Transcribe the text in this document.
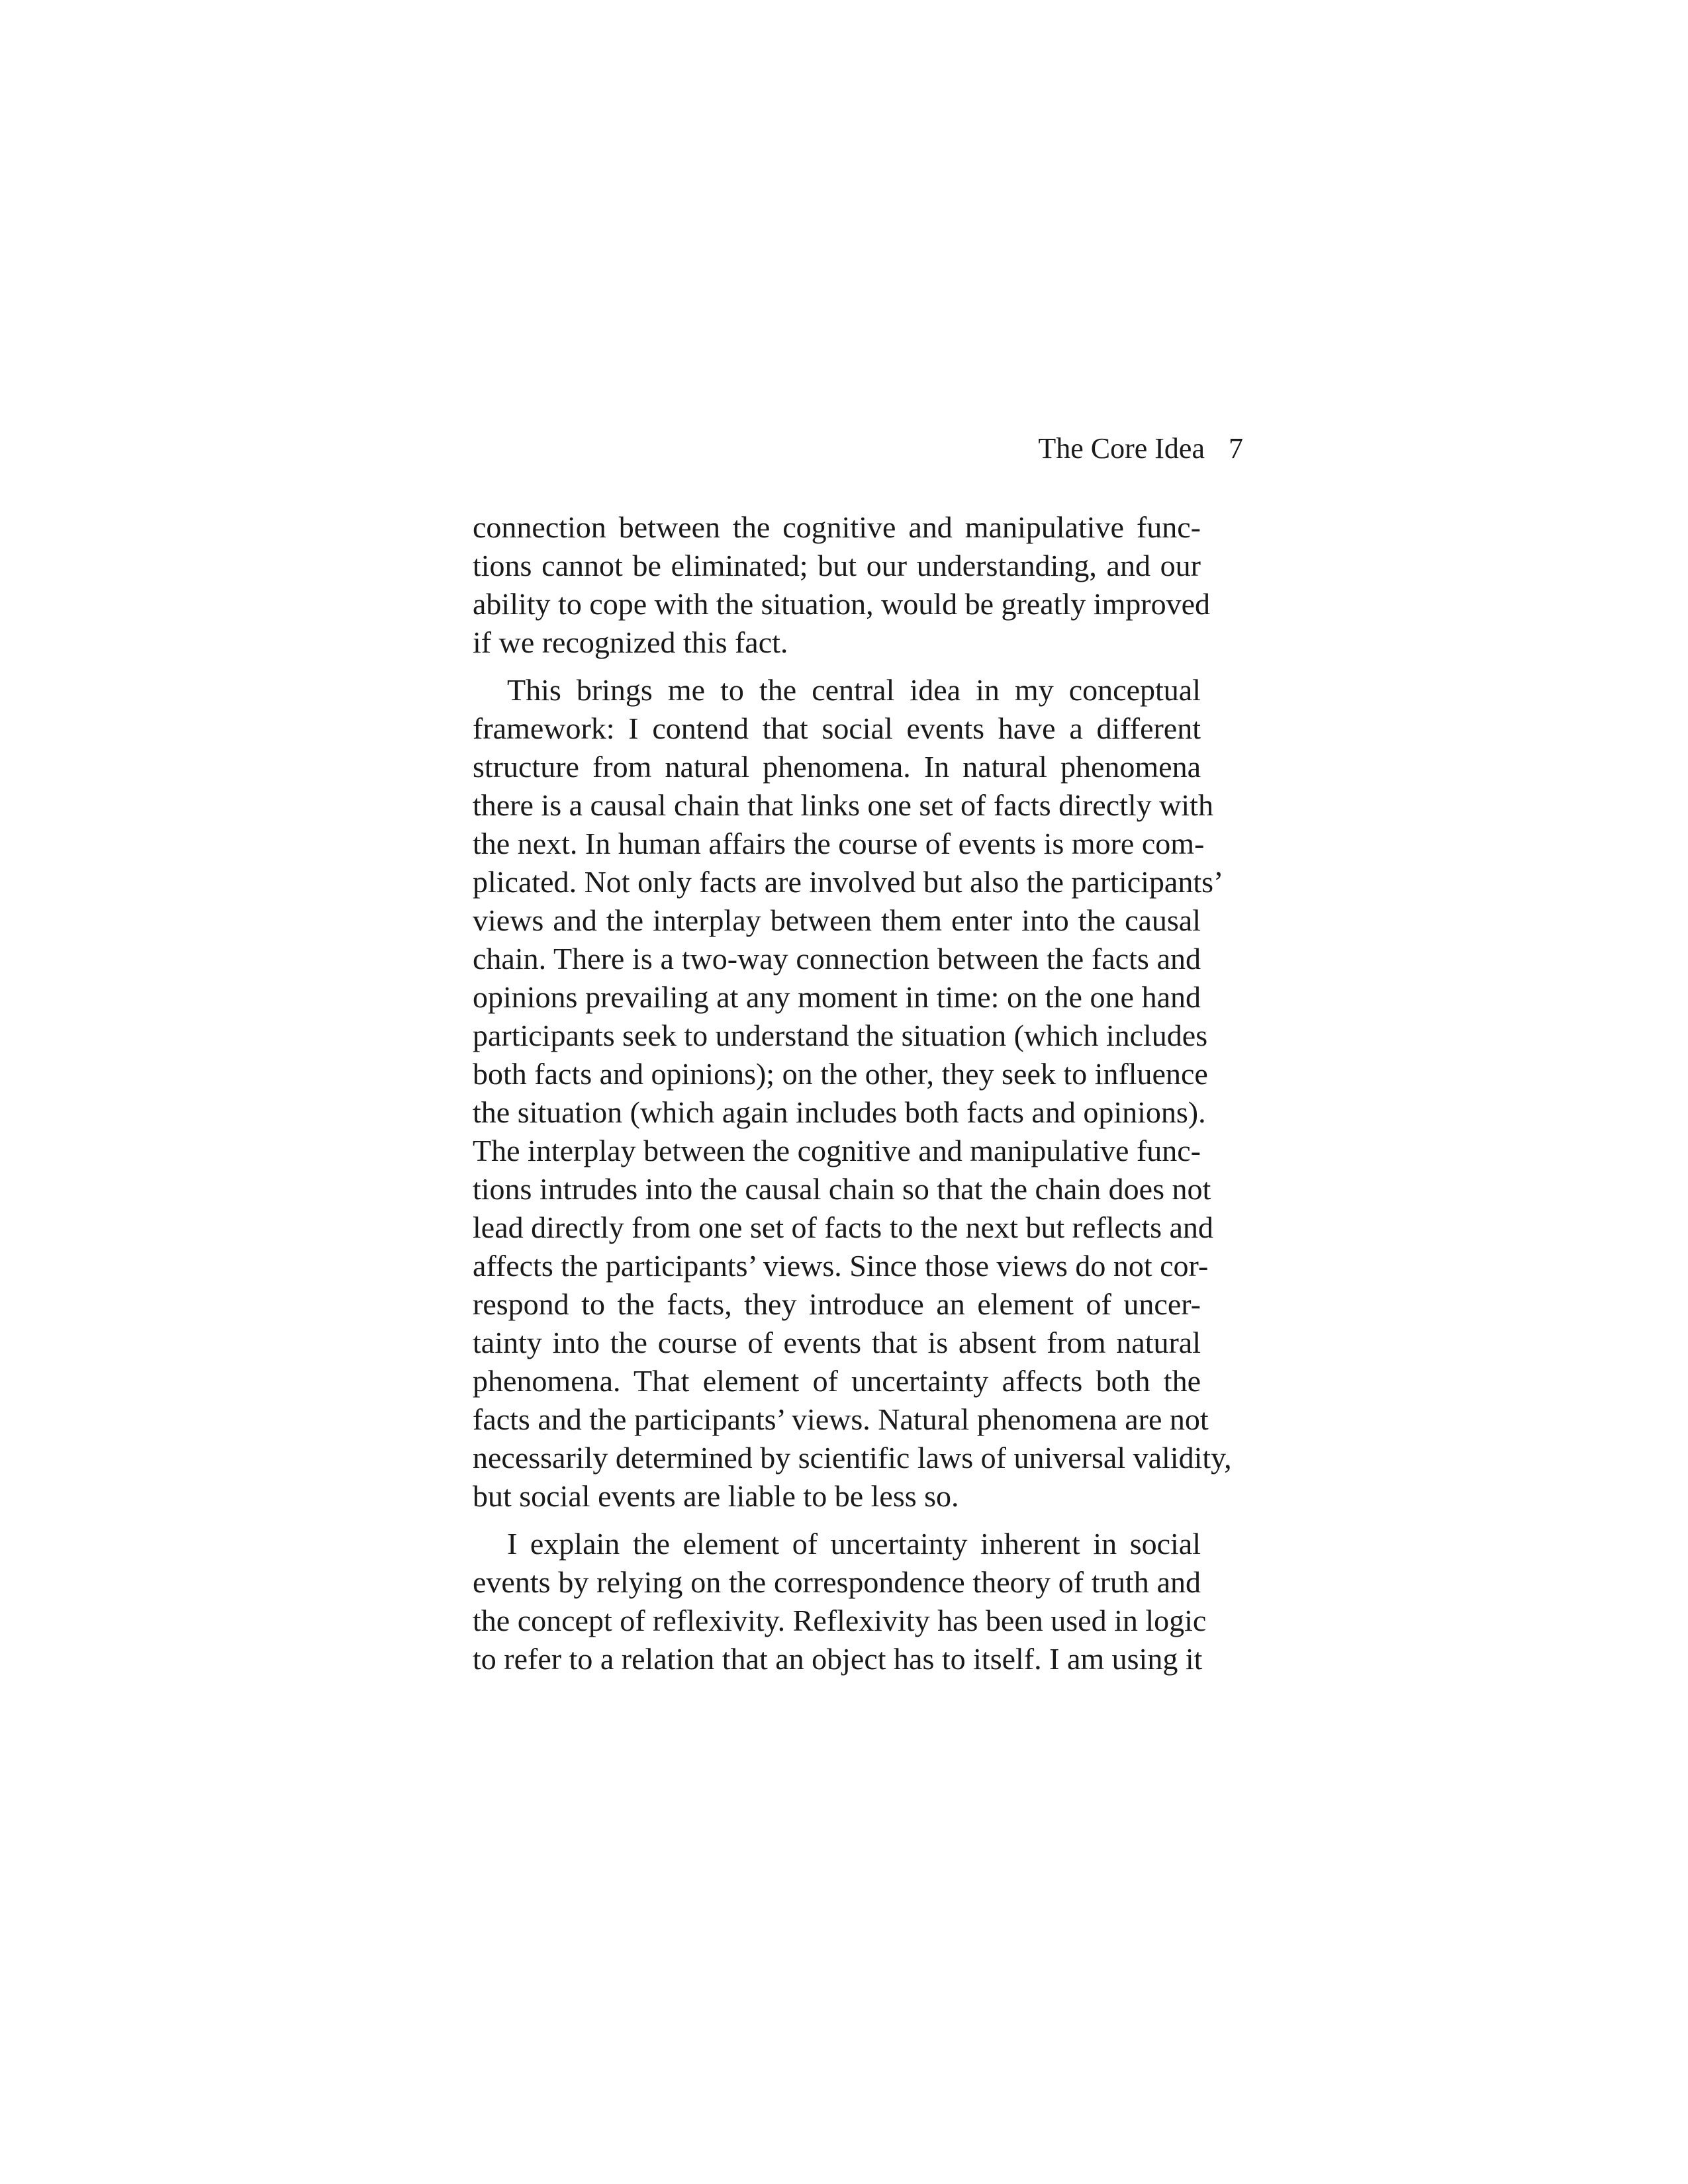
The Core Idea 7
connection between the cognitive and manipulative func-
tions cannot be eliminated; but our understanding, and our
ability to cope with the situation, would be greatly improved
if we recognized this fact.
This brings me to the central idea in my conceptual
framework: I contend that social events have a different
structure from natural phenomena. In natural phenomena
there is a causal chain that links one set of facts directly with
the next. In human affairs the course of events is more com-
plicated. Not only facts are involved but also the participants’
views and the interplay between them enter into the causal
chain. There is a two-way connection between the facts and
opinions prevailing at any moment in time: on the one hand
participants seek to understand the situation (which includes
both facts and opinions); on the other, they seek to influence
the situation (which again includes both facts and opinions).
The interplay between the cognitive and manipulative func-
tions intrudes into the causal chain so that the chain does not
lead directly from one set of facts to the next but reflects and
affects the participants’ views. Since those views do not cor-
respond to the facts, they introduce an element of uncer-
tainty into the course of events that is absent from natural
phenomena. That element of uncertainty affects both the
facts and the participants’ views. Natural phenomena are not
necessarily determined by scientific laws of universal validity,
but social events are liable to be less so.
I explain the element of uncertainty inherent in social
events by relying on the correspondence theory of truth and
the concept of reflexivity. Reflexivity has been used in logic
to refer to a relation that an object has to itself. I am using it
